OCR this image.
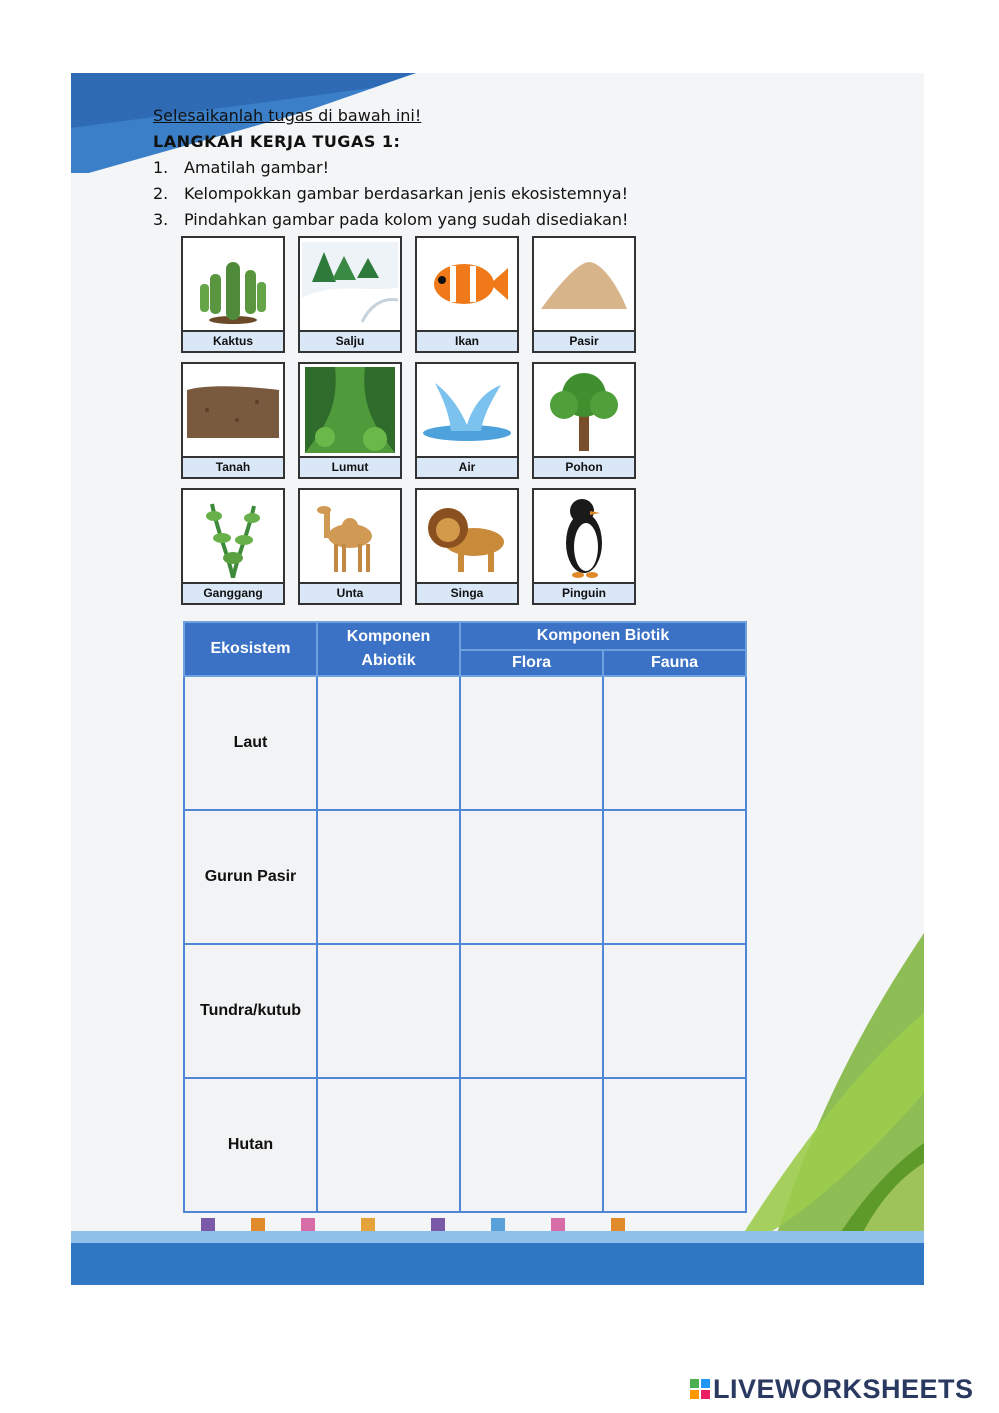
Selesaikanlah tugas di bawah ini!
LANGKAH KERJA TUGAS 1:
1. Amatilah gambar!
2. Kelompokkan gambar berdasarkan jenis ekosistemnya!
3. Pindahkan gambar pada kolom yang sudah disediakan!
Kaktus	Salju	Ikan	Pasir
Tanah	Lumut	Air	Pohon
Ganggang	Unta	Singa	Pinguin
Ekosistem	Komponen Abiotik	Komponen Biotik	
		Flora	Fauna
Laut			
Gurun Pasir			
Tundra/kutub			
Hutan			
LIVEWORKSHEETS
